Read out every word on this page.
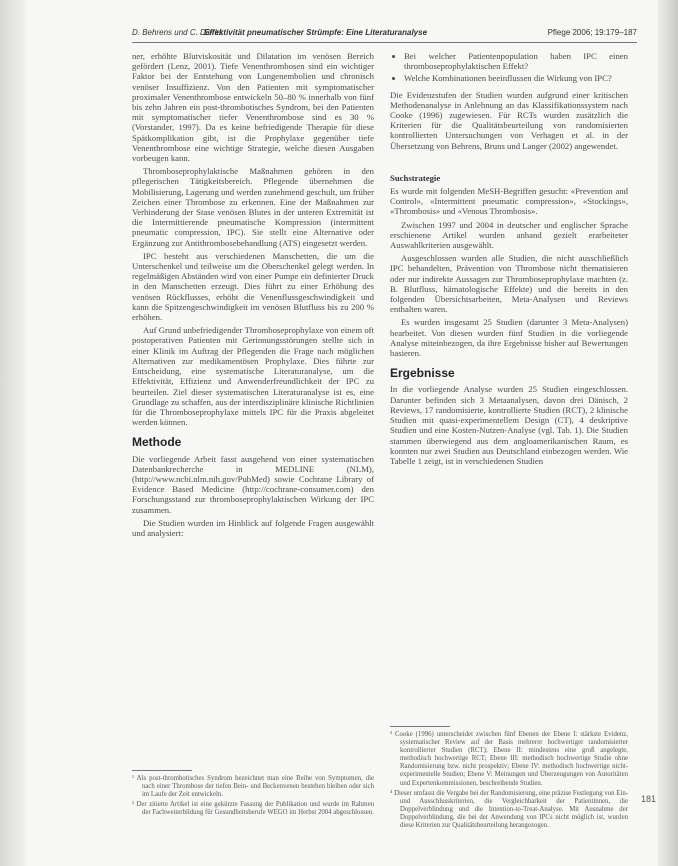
D. Behrens und C. Dierks
Effektivität pneumatischer Strümpfe: Eine Literaturanalyse	Pflege 2006; 19:179–187

ner, erhöhte Blutviskosität und Dilatation im venösen Bereich gefördert (Lenz, 2001). Tiefe Venenthrombosen sind ein wichtiger Faktor bei der Entstehung von Lungenembolien und chronisch venöser Insuffizienz. Von den Patienten mit symptomatischer proximaler Venenthrombose entwickeln 50–80 % innerhalb von fünf bis zehn Jahren ein post-thrombotisches Syndrom, bei den Patienten mit symptomatischer tiefer Venenthrombose sind es 30 % (Vorstander, 1997). Da es keine befriedigende Therapie für diese Spätkomplikation gibt, ist die Prophylaxe gegenüber tiefe Venenthrombose eine wichtige Strategie, welche diesen Ausgaben vorbeugen kann.

Thromboseprophylaktische Maßnahmen gehören in den pflegerischen Tätigkeitsbereich. Pflegende übernehmen die Mobilisierung, Lagerung und werden zunehmend geschult, um früher Zeichen einer Thrombose zu erkennen. Eine der Maßnahmen zur Verhinderung der Stase venösen Blutes in der unteren Extremität ist die Intermittierende pneumatische Kompression (intermittent pneumatic compression, IPC). Sie stellt eine Alternative oder Ergänzung zur Antithrombosebehandlung (ATS) eingesetzt werden.

IPC besteht aus verschiedenen Manschetten, die um die Unterschenkel und teilweise um die Oberschenkel gelegt werden. In regelmäßigen Abständen wird von einer Pumpe ein definierter Druck in den Manschetten erzeugt. Dies führt zu einer Erhöhung des venösen Rückflusses, erhöht die Venenflussgeschwindigkeit und kann die Spitzengeschwindigkeit im venösen Blutfluss bis zu 200 % erhöhen.

Auf Grund unbefriedigender Thromboseprophylaxe von einem oft postoperativen Patienten mit Gerinnungsstörungen stellte sich in einer Klinik im Auftrag der Pflegenden die Frage nach möglichen Alternativen zur medikamentösen Prophylaxe. Dies führte zur Entscheidung, eine systematische Literaturanalyse, um die Effektivität, Effizienz und Anwenderfreundlichkeit der IPC zu beurteilen. Ziel dieser systematischen Literaturanalyse ist es, eine Grundlage zu schaffen, aus der interdisziplinäre klinische Richtlinien für die Thromboseprophylaxe mittels IPC für die Praxis abgeleitet werden können.

Methode

Die vorliegende Arbeit fasst ausgehend von einer systematischen Datenbankrecherche in MEDLINE (NLM), (http://www.ncbi.nlm.nih.gov/PubMed) sowie Cochrane Library of Evidence Based Medicine (http://cochrane-consumer.com) den Forschungsstand zur thromboseprophylaktischen Wirkung der IPC zusammen.

Die Studien wurden im Hinblick auf folgende Fragen ausgewählt und analysiert:

¹ Als post-thrombotisches Syndrom bezeichnet man eine Reihe von Symptomen, die nach einer Thrombose der tiefen Bein- und Beckenvenen bestehen bleiben oder sich im Laufe der Zeit entwickeln.

² Der zitierte Artikel ist eine gekürzte Fassung der Publikation und wurde im Rahmen der Fachweiterbildung für Gesundheitsberufe WEGO im Herbst 2004 abgeschlossen.

• Bei welcher Patientenpopulation haben IPC einen thromboseprophylaktischen Effekt?
• Welche Kombinationen beeinflussen die Wirkung von IPC?

Die Evidenzstufen der Studien wurden aufgrund einer kritischen Methodenanalyse in Anlehnung an das Klassifikationssystem nach Cooke (1996) zugewiesen. Für RCTs wurden zusätzlich die Kriterien für die Qualitätsbeurteilung von randomisierten kontrollierten Untersuchungen von Verhagen et al. in der Übersetzung von Behrens, Bruns und Langer (2002) angewendet.

Suchstrategie

Es wurde mit folgenden MeSH-Begriffen gesucht: «Prevention and Control», «Intermittent pneumatic compression», «Stockings», «Thrombosis» und «Venous Thrombosis».

Zwischen 1997 und 2004 in deutscher und englischer Sprache erschienene Artikel wurden anhand gezielt erarbeiteter Auswahlkriterien ausgewählt.

Ausgeschlossen wurden alle Studien, die nicht ausschließlich IPC behandelten, Prävention von Thrombose nicht thematisieren oder nur indirekte Aussagen zur Thromboseprophylaxe machten (z. B. Blutfluss, hämatologische Effekte) und die bereits in den folgenden Übersichtsarbeiten, Meta-Analysen und Reviews enthalten waren.

Es wurden insgesamt 25 Studien (darunter 3 Meta-Analysen) bearbeitet. Von diesen wurden fünf Studien in die vorliegende Analyse miteinbezogen, da ihre Ergebnisse bisher auf Bewertungen basieren.

Ergebnisse

In die vorliegende Analyse wurden 25 Studien eingeschlossen. Darunter befinden sich 3 Metaanalysen, davon drei Dänisch, 2 Reviews, 17 randomisierte, kontrollierte Studien (RCT), 2 klinische Studien mit quasi-experimentellem Design (CT), 4 deskriptive Studien und eine Kosten-Nutzen-Analyse (vgl. Tab. 1). Die Studien stammen überwiegend aus dem angloamerikanischen Raum, es konnten nur zwei Studien aus Deutschland einbezogen werden. Wie Tabelle 1 zeigt, ist in verschiedenen Studien

³ Cooke (1996) unterscheidet zwischen fünf Ebenen der Ebene I: stärkste Evidenz, systematischer Review auf der Basis mehrerer hochwertiger randomisierter kontrollierter Studien (RCT); Ebene II: mindestens eine groß angelegte, methodisch hochwertige RCT; Ebene III: methodisch hochwertige Studie ohne Randomisierung bzw. nicht prospektiv; Ebene IV: methodisch hochwertige nicht-experimentelle Studien; Ebene V: Meinungen und Überzeugungen von Autoritäten und Expertenkommissionen, beschreibende Studien.

⁴ Dieser umfasst die Vergabe bei der Randomisierung, eine präzise Festlegung von Ein- und Ausschlusskriterien, die Vergleichbarkeit der Patientinnen, die Doppelverblindung und die Intention-to-Treat-Analyse. Mit Ausnahme der Doppelverblindung, die bei der Anwendung von IPCs nicht möglich ist, wurden diese Kriterien zur Qualitätsbeurteilung herangezogen.

181
